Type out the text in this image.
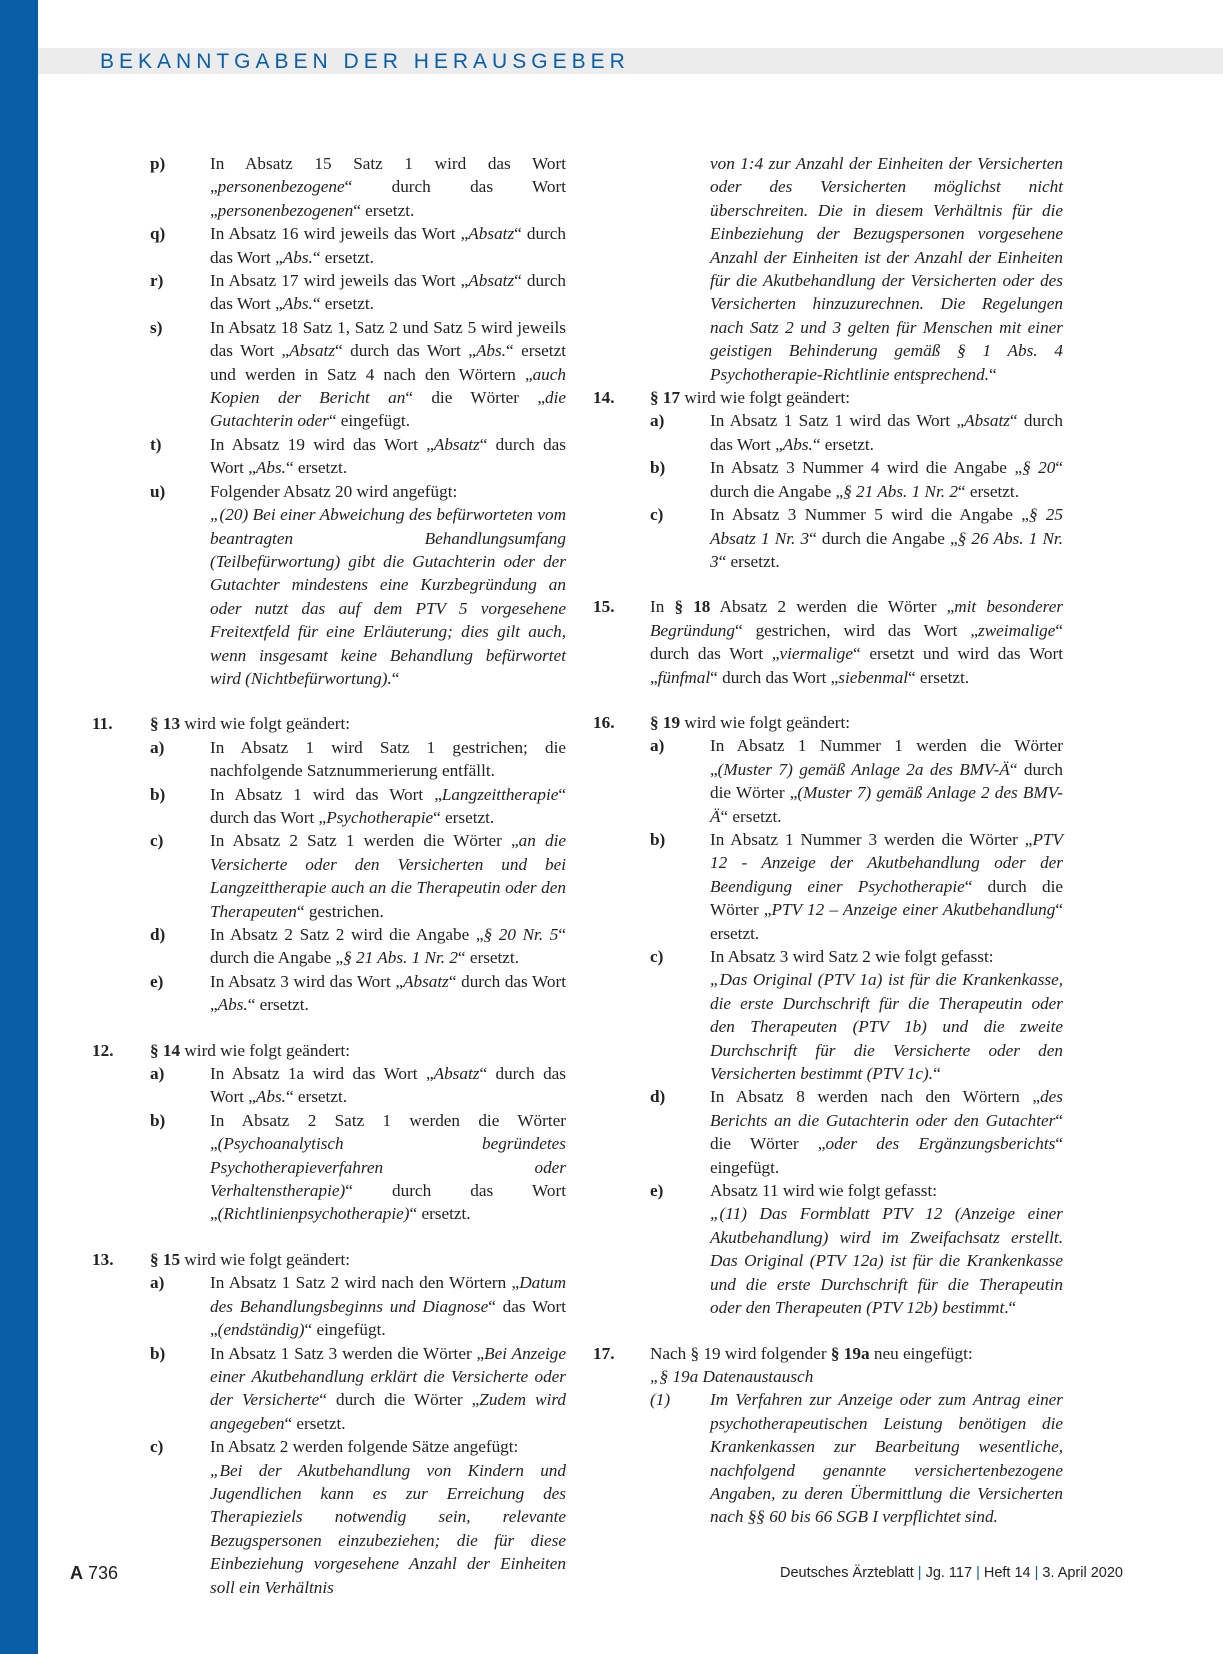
BEKANNTGABEN DER HERAUSGEBER
p)	In Absatz 15 Satz 1 wird das Wort „personenbezogene“ durch das Wort „personenbezogenen“ ersetzt.
q)	In Absatz 16 wird jeweils das Wort „Absatz“ durch das Wort „Abs.“ ersetzt.
r)	In Absatz 17 wird jeweils das Wort „Absatz“ durch das Wort „Abs.“ ersetzt.
s)	In Absatz 18 Satz 1, Satz 2 und Satz 5 wird jeweils das Wort „Absatz“ durch das Wort „Abs.“ ersetzt und werden in Satz 4 nach den Wörtern „auch Kopien der Bericht an“ die Wörter „die Gutachterin oder“ eingefügt.
t)	In Absatz 19 wird das Wort „Absatz“ durch das Wort „Abs.“ ersetzt.
u)	Folgender Absatz 20 wird angefügt:
„(20) Bei einer Abweichung des befürworteten vom beantragten Behandlungsumfang (Teilbefürwortung) gibt die Gutachterin oder der Gutachter mindestens eine Kurzbegründung an oder nutzt das auf dem PTV 5 vorgesehene Freitextfeld für eine Erläuterung; dies gilt auch, wenn insgesamt keine Behandlung befürwortet wird (Nichtbefürwortung).“
11.	§ 13 wird wie folgt geändert:
a)	In Absatz 1 wird Satz 1 gestrichen; die nachfolgende Satznummerierung entfällt.
b)	In Absatz 1 wird das Wort „Langzeittherapie“ durch das Wort „Psychotherapie“ ersetzt.
c)	In Absatz 2 Satz 1 werden die Wörter „an die Versicherte oder den Versicherten und bei Langzeittherapie auch an die Therapeutin oder den Therapeuten“ gestrichen.
d)	In Absatz 2 Satz 2 wird die Angabe „§ 20 Nr. 5“ durch die Angabe „§ 21 Abs. 1 Nr. 2“ ersetzt.
e)	In Absatz 3 wird das Wort „Absatz“ durch das Wort „Abs.“ ersetzt.
12.	§ 14 wird wie folgt geändert:
a)	In Absatz 1a wird das Wort „Absatz“ durch das Wort „Abs.“ ersetzt.
b)	In Absatz 2 Satz 1 werden die Wörter „(Psychoanalytisch begründetes Psychotherapieverfahren oder Verhaltenstherapie)“ durch das Wort „(Richtlinienpsychotherapie)“ ersetzt.
13.	§ 15 wird wie folgt geändert:
a)	In Absatz 1 Satz 2 wird nach den Wörtern „Datum des Behandlungsbeginns und Diagnose“ das Wort „(endständig)“ eingefügt.
b)	In Absatz 1 Satz 3 werden die Wörter „Bei Anzeige einer Akutbehandlung erklärt die Versicherte oder der Versicherte“ durch die Wörter „Zudem wird angegeben“ ersetzt.
c)	In Absatz 2 werden folgende Sätze angefügt:
„Bei der Akutbehandlung von Kindern und Jugendlichen kann es zur Erreichung des Therapieziels notwendig sein, relevante Bezugspersonen einzubeziehen; die für diese Einbeziehung vorgesehene Anzahl der Einheiten soll ein Verhältnis
von 1:4 zur Anzahl der Einheiten der Versicherten oder des Versicherten möglichst nicht überschreiten. Die in diesem Verhältnis für die Einbeziehung der Bezugspersonen vorgesehene Anzahl der Einheiten ist der Anzahl der Einheiten für die Akutbehandlung der Versicherten oder des Versicherten hinzuzurechnen. Die Regelungen nach Satz 2 und 3 gelten für Menschen mit einer geistigen Behinderung gemäß § 1 Abs. 4 Psychotherapie-Richtlinie entsprechend.“
14.	§ 17 wird wie folgt geändert:
a)	In Absatz 1 Satz 1 wird das Wort „Absatz“ durch das Wort „Abs.“ ersetzt.
b)	In Absatz 3 Nummer 4 wird die Angabe „§ 20“ durch die Angabe „§ 21 Abs. 1 Nr. 2“ ersetzt.
c)	In Absatz 3 Nummer 5 wird die Angabe „§ 25 Absatz 1 Nr. 3“ durch die Angabe „§ 26 Abs. 1 Nr. 3“ ersetzt.
15.	In § 18 Absatz 2 werden die Wörter „mit besonderer Begründung“ gestrichen, wird das Wort „zweimalige“ durch das Wort „viermalige“ ersetzt und wird das Wort „fünfmal“ durch das Wort „siebenmal“ ersetzt.
16.	§ 19 wird wie folgt geändert:
a)	In Absatz 1 Nummer 1 werden die Wörter „(Muster 7) gemäß Anlage 2a des BMV-Ä“ durch die Wörter „(Muster 7) gemäß Anlage 2 des BMV-Ä“ ersetzt.
b)	In Absatz 1 Nummer 3 werden die Wörter „PTV 12 - Anzeige der Akutbehandlung oder der Beendigung einer Psychotherapie“ durch die Wörter „PTV 12 – Anzeige einer Akutbehandlung“ ersetzt.
c)	In Absatz 3 wird Satz 2 wie folgt gefasst:
„Das Original (PTV 1a) ist für die Krankenkasse, die erste Durchschrift für die Therapeutin oder den Therapeuten (PTV 1b) und die zweite Durchschrift für die Versicherte oder den Versicherten bestimmt (PTV 1c).“
d)	In Absatz 8 werden nach den Wörtern „des Berichts an die Gutachterin oder den Gutachter“ die Wörter „oder des Ergänzungsberichts“ eingefügt.
e)	Absatz 11 wird wie folgt gefasst:
„(11) Das Formblatt PTV 12 (Anzeige einer Akutbehandlung) wird im Zweifachsatz erstellt. Das Original (PTV 12a) ist für die Krankenkasse und die erste Durchschrift für die Therapeutin oder den Therapeuten (PTV 12b) bestimmt.“
17.	Nach § 19 wird folgender § 19a neu eingefügt:
„§ 19a Datenaustausch
(1)	Im Verfahren zur Anzeige oder zum Antrag einer psychotherapeutischen Leistung benötigen die Krankenkassen zur Bearbeitung wesentliche, nachfolgend genannte versichertenbezogene Angaben, zu deren Übermittlung die Versicherten nach §§ 60 bis 66 SGB I verpflichtet sind.
A 736	Deutsches Ärzteblatt | Jg. 117 | Heft 14 | 3. April 2020
